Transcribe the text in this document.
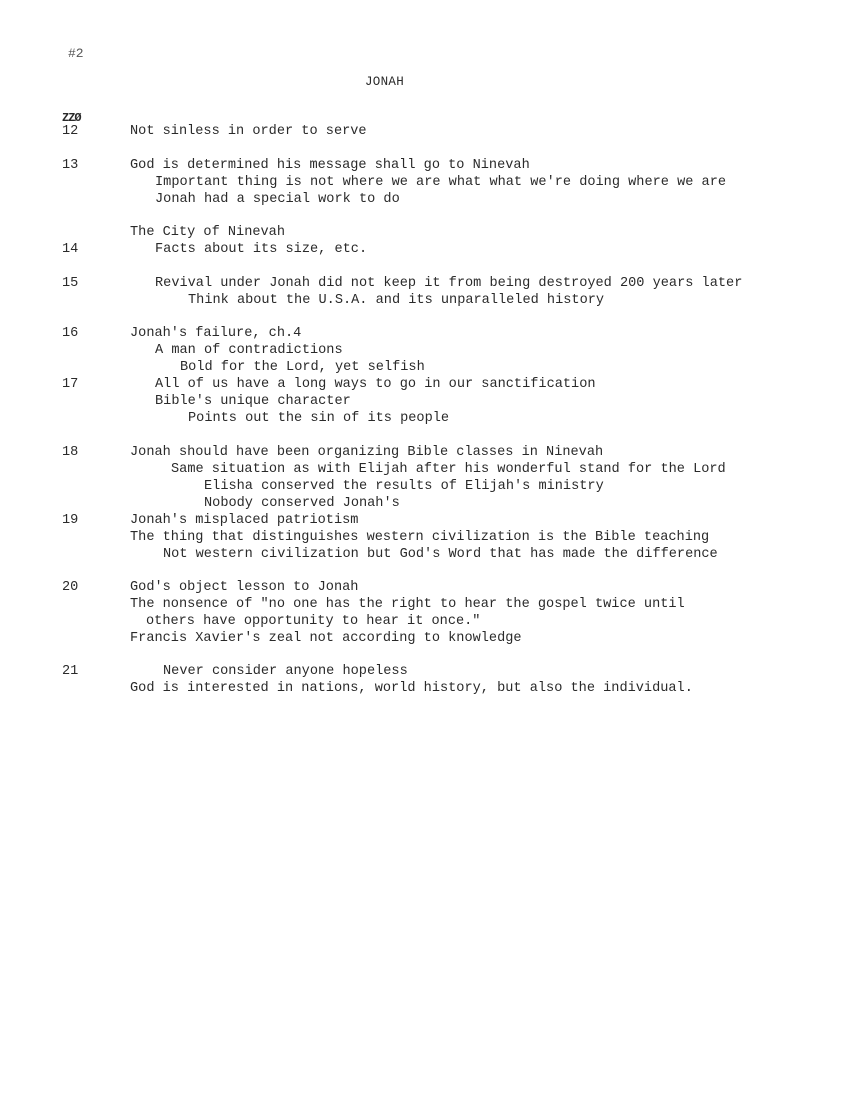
#2
JONAH
ZZØ
12
13
14
15
16
17
18
19
20
21
Not sinless in order to serve
God is determined his message shall go to Ninevah
Important thing is not where we are what what we're doing where we are
Jonah had a special work to do
The City of Ninevah
Facts about its size, etc.
Revival under Jonah did not keep it from being destroyed 200 years later
Think about the U.S.A. and its unparalleled history
Jonah's failure, ch.4
A man of contradictions
Bold for the Lord, yet selfish
All of us have a long ways to go in our sanctification
Bible's unique character
Points out the sin of its people
Jonah should have been organizing Bible classes in Ninevah
Same situation as with Elijah after his wonderful stand for the Lord
Elisha conserved the results of Elijah's ministry
Nobody conserved Jonah's
Jonah's misplaced patriotism
The thing that distinguishes western civilization is the Bible teaching
Not western civilization but God's Word that has made the difference
God's object lesson to Jonah
The nonsence of "no one has the right to hear the gospel twice until
others have opportunity to hear it once."
Francis Xavier's zeal not according to knowledge
Never consider anyone hopeless
God is interested in nations, world history, but also the individual.
